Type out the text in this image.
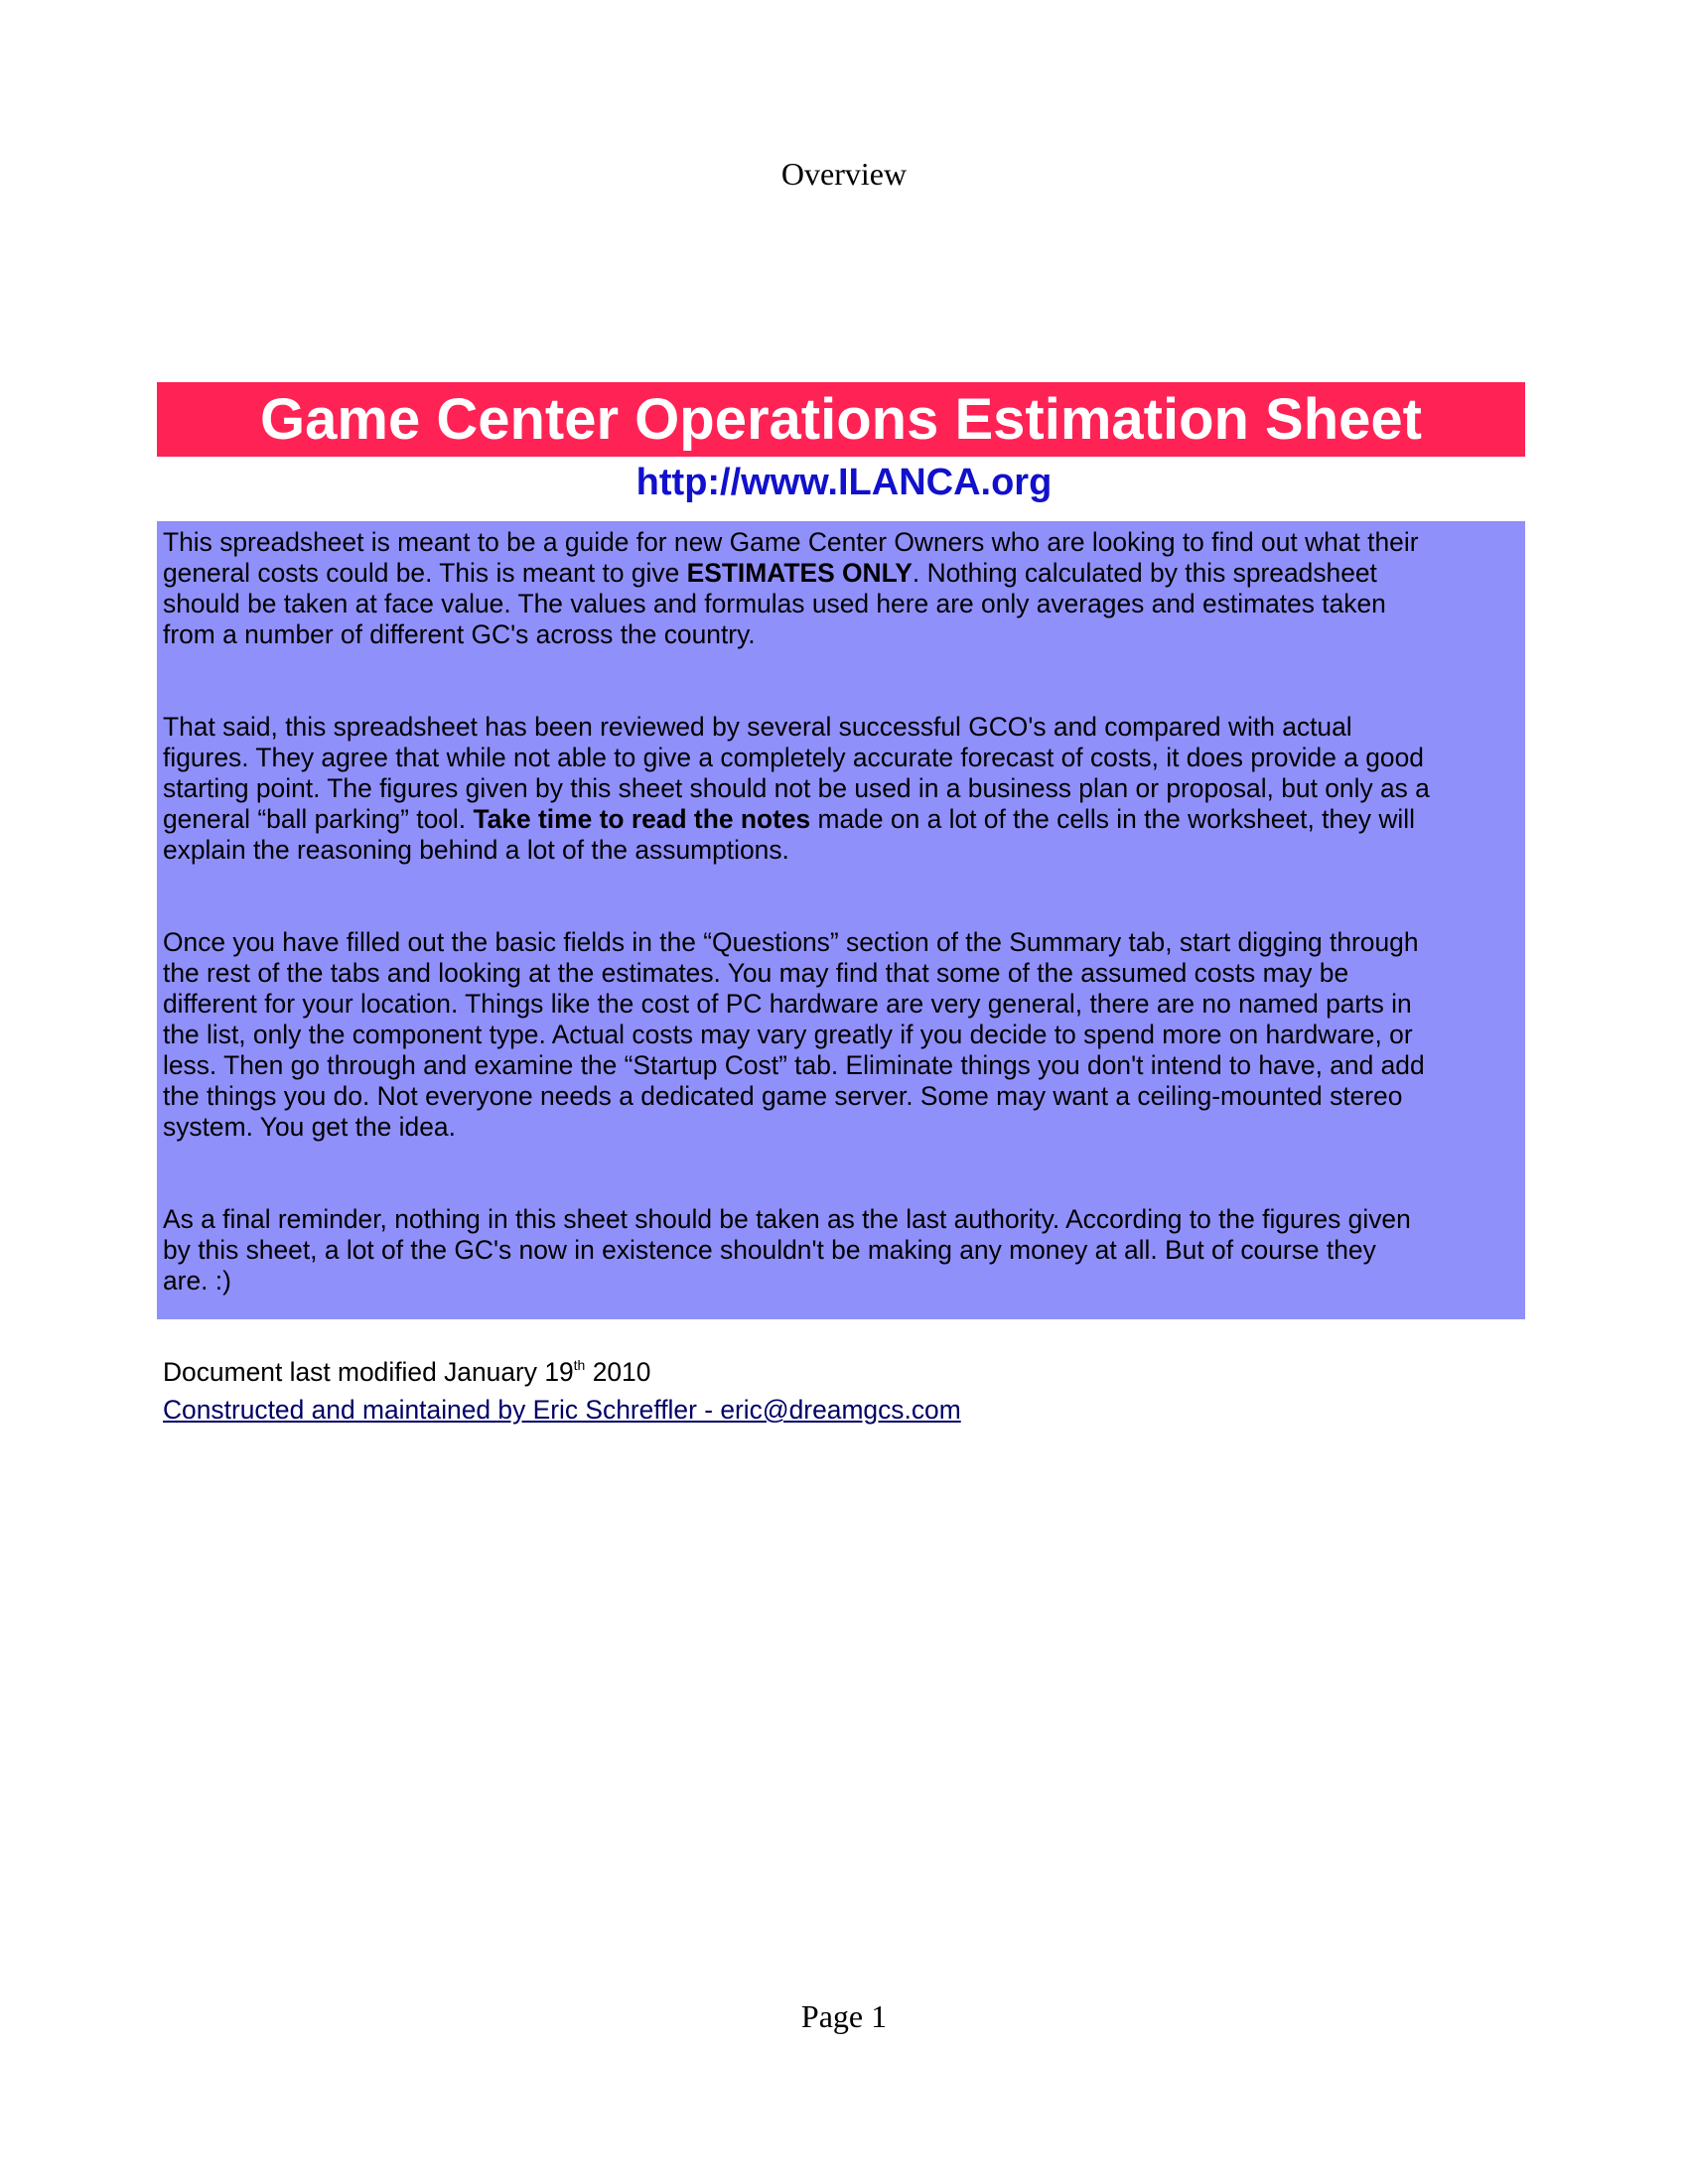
Overview
Game Center Operations Estimation Sheet
http://www.ILANCA.org

This spreadsheet is meant to be a guide for new Game Center Owners who are looking to find out what their
general costs could be. This is meant to give ESTIMATES ONLY. Nothing calculated by this spreadsheet
should be taken at face value. The values and formulas used here are only averages and estimates taken
from a number of different GC's across the country.

That said, this spreadsheet has been reviewed by several successful GCO's and compared with actual
figures. They agree that while not able to give a completely accurate forecast of costs, it does provide a good
starting point. The figures given by this sheet should not be used in a business plan or proposal, but only as a
general “ball parking” tool. Take time to read the notes made on a lot of the cells in the worksheet, they will
explain the reasoning behind a lot of the assumptions.

Once you have filled out the basic fields in the “Questions” section of the Summary tab, start digging through
the rest of the tabs and looking at the estimates. You may find that some of the assumed costs may be
different for your location. Things like the cost of PC hardware are very general, there are no named parts in
the list, only the component type. Actual costs may vary greatly if you decide to spend more on hardware, or
less. Then go through and examine the “Startup Cost” tab. Eliminate things you don't intend to have, and add
the things you do. Not everyone needs a dedicated game server. Some may want a ceiling-mounted stereo
system. You get the idea.

As a final reminder, nothing in this sheet should be taken as the last authority. According to the figures given
by this sheet, a lot of the GC's now in existence shouldn't be making any money at all. But of course they
are. :)

Document last modified January 19th 2010
Constructed and maintained by Eric Schreffler - eric@dreamgcs.com
Page 1
